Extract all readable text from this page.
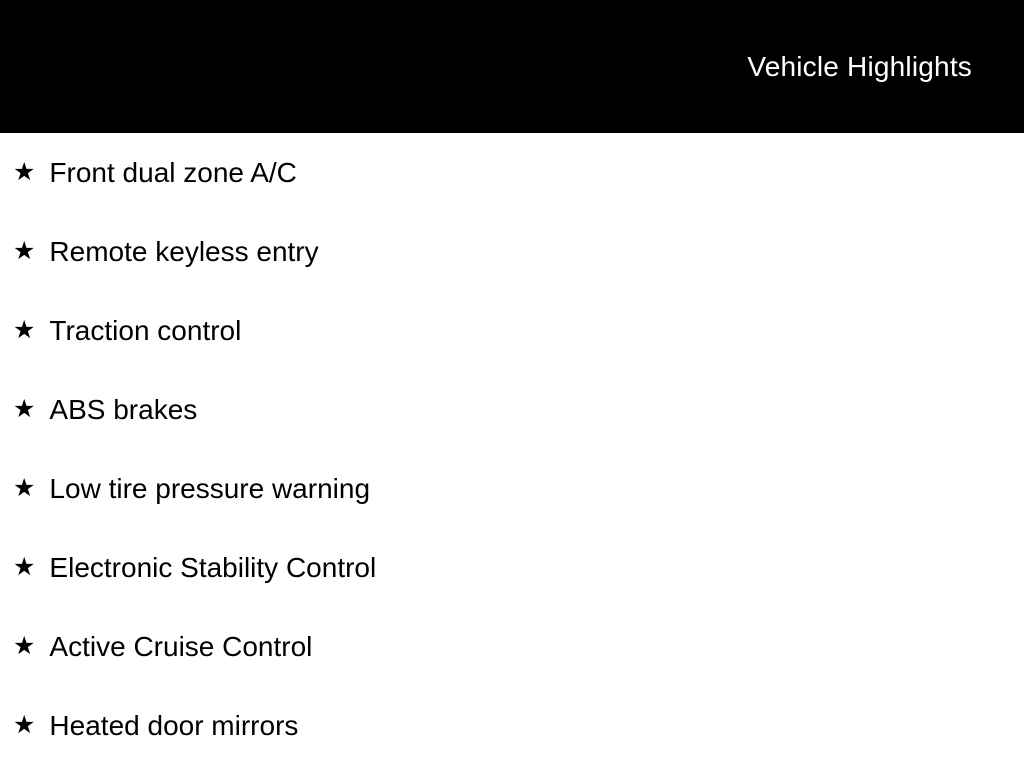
Vehicle Highlights
★ Front dual zone A/C
★ Remote keyless entry
★ Traction control
★ ABS brakes
★ Low tire pressure warning
★ Electronic Stability Control
★ Active Cruise Control
★ Heated door mirrors
